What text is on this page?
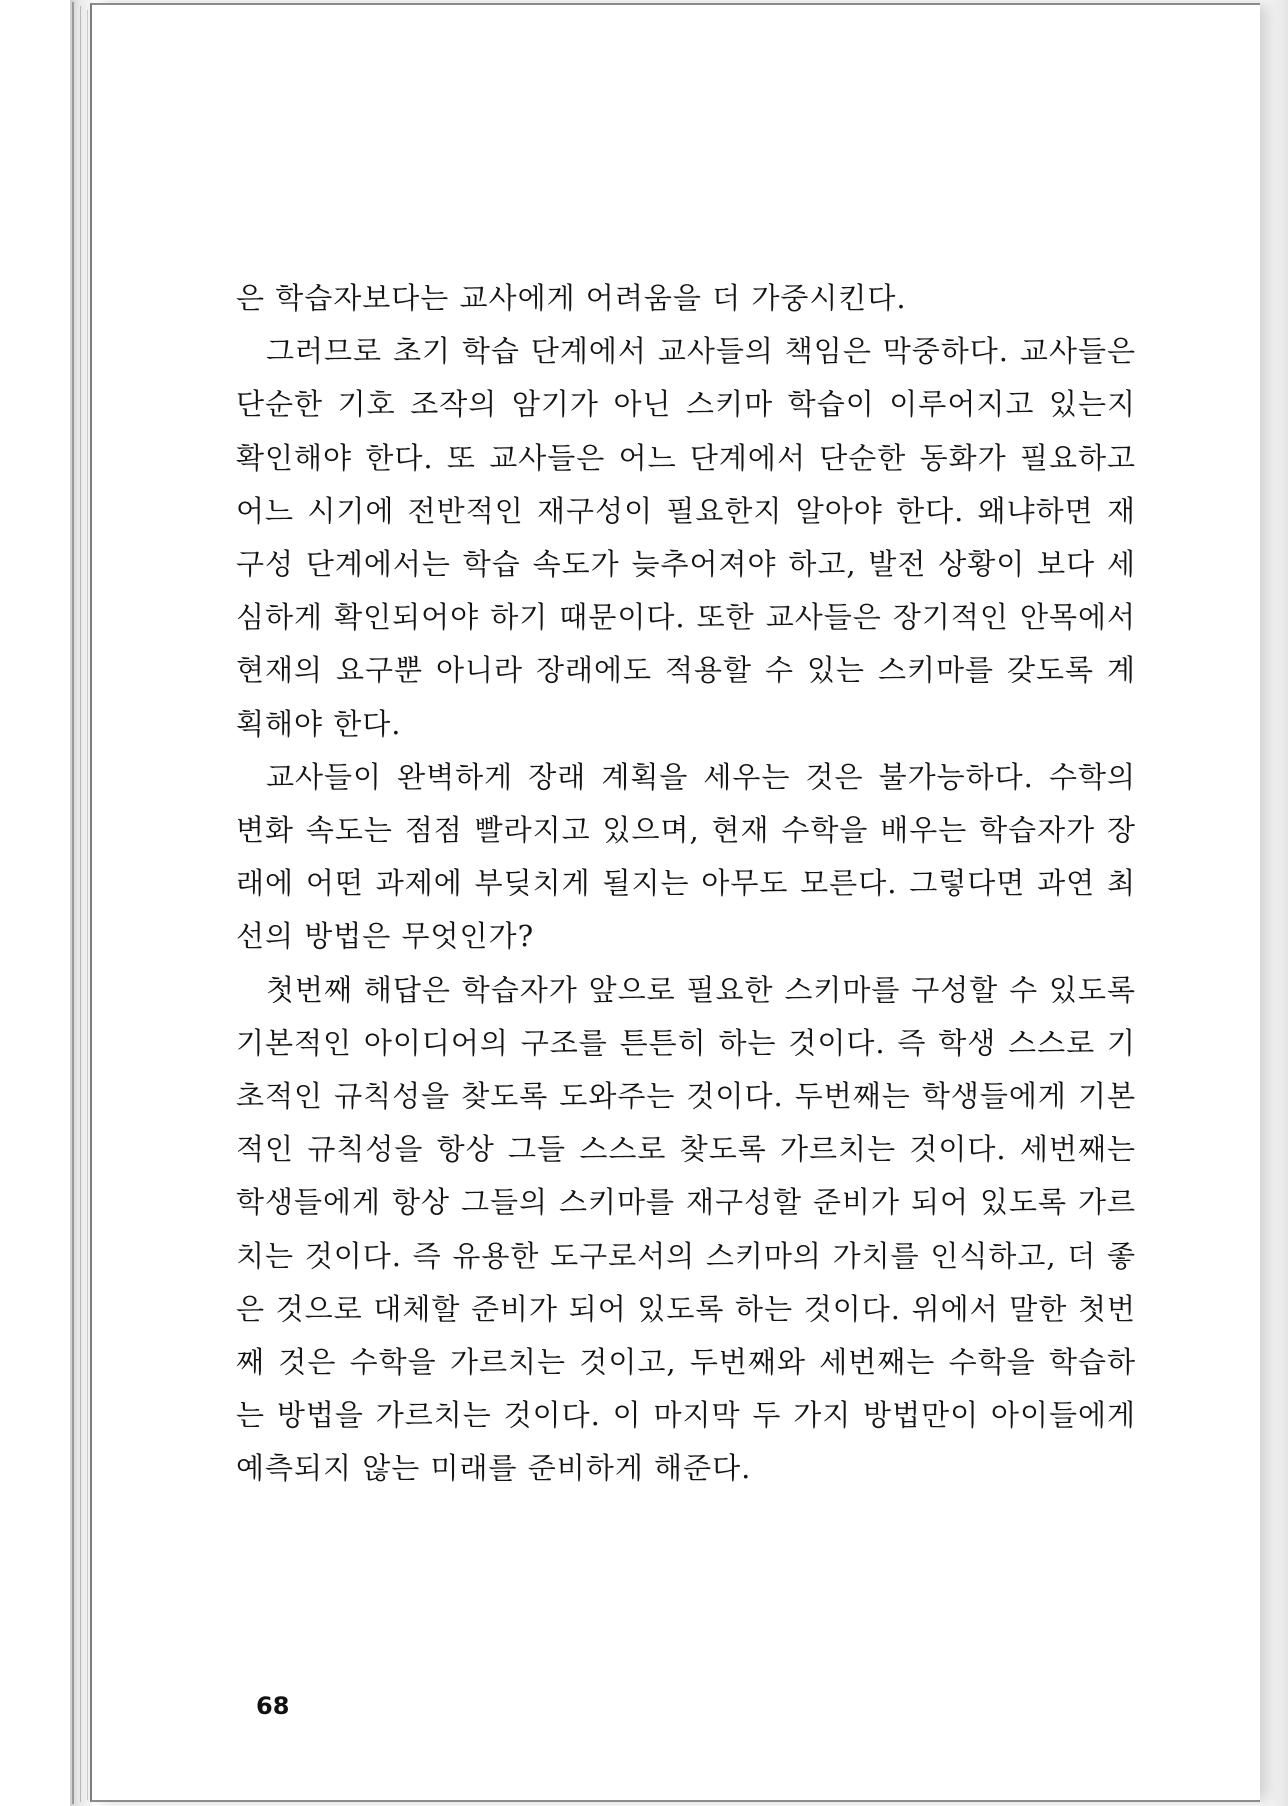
은 학습자보다는 교사에게 어려움을 더 가중시킨다.

그러므로 초기 학습 단계에서 교사들의 책임은 막중하다. 교사들은 단순한 기호 조작의 암기가 아닌 스키마 학습이 이루어지고 있는지 확인해야 한다. 또 교사들은 어느 단계에서 단순한 동화가 필요하고 어느 시기에 전반적인 재구성이 필요한지 알아야 한다. 왜냐하면 재구성 단계에서는 학습 속도가 늦추어져야 하고, 발전 상황이 보다 세심하게 확인되어야 하기 때문이다. 또한 교사들은 장기적인 안목에서 현재의 요구뿐 아니라 장래에도 적용할 수 있는 스키마를 갖도록 계획해야 한다.

교사들이 완벽하게 장래 계획을 세우는 것은 불가능하다. 수학의 변화 속도는 점점 빨라지고 있으며, 현재 수학을 배우는 학습자가 장래에 어떤 과제에 부딪치게 될지는 아무도 모른다. 그렇다면 과연 최선의 방법은 무엇인가?

첫번째 해답은 학습자가 앞으로 필요한 스키마를 구성할 수 있도록 기본적인 아이디어의 구조를 튼튼히 하는 것이다. 즉 학생 스스로 기초적인 규칙성을 찾도록 도와주는 것이다. 두번째는 학생들에게 기본적인 규칙성을 항상 그들 스스로 찾도록 가르치는 것이다. 세번째는 학생들에게 항상 그들의 스키마를 재구성할 준비가 되어 있도록 가르치는 것이다. 즉 유용한 도구로서의 스키마의 가치를 인식하고, 더 좋은 것으로 대체할 준비가 되어 있도록 하는 것이다. 위에서 말한 첫번째 것은 수학을 가르치는 것이고, 두번째와 세번째는 수학을 학습하는 방법을 가르치는 것이다. 이 마지막 두 가지 방법만이 아이들에게 예측되지 않는 미래를 준비하게 해준다.

68
